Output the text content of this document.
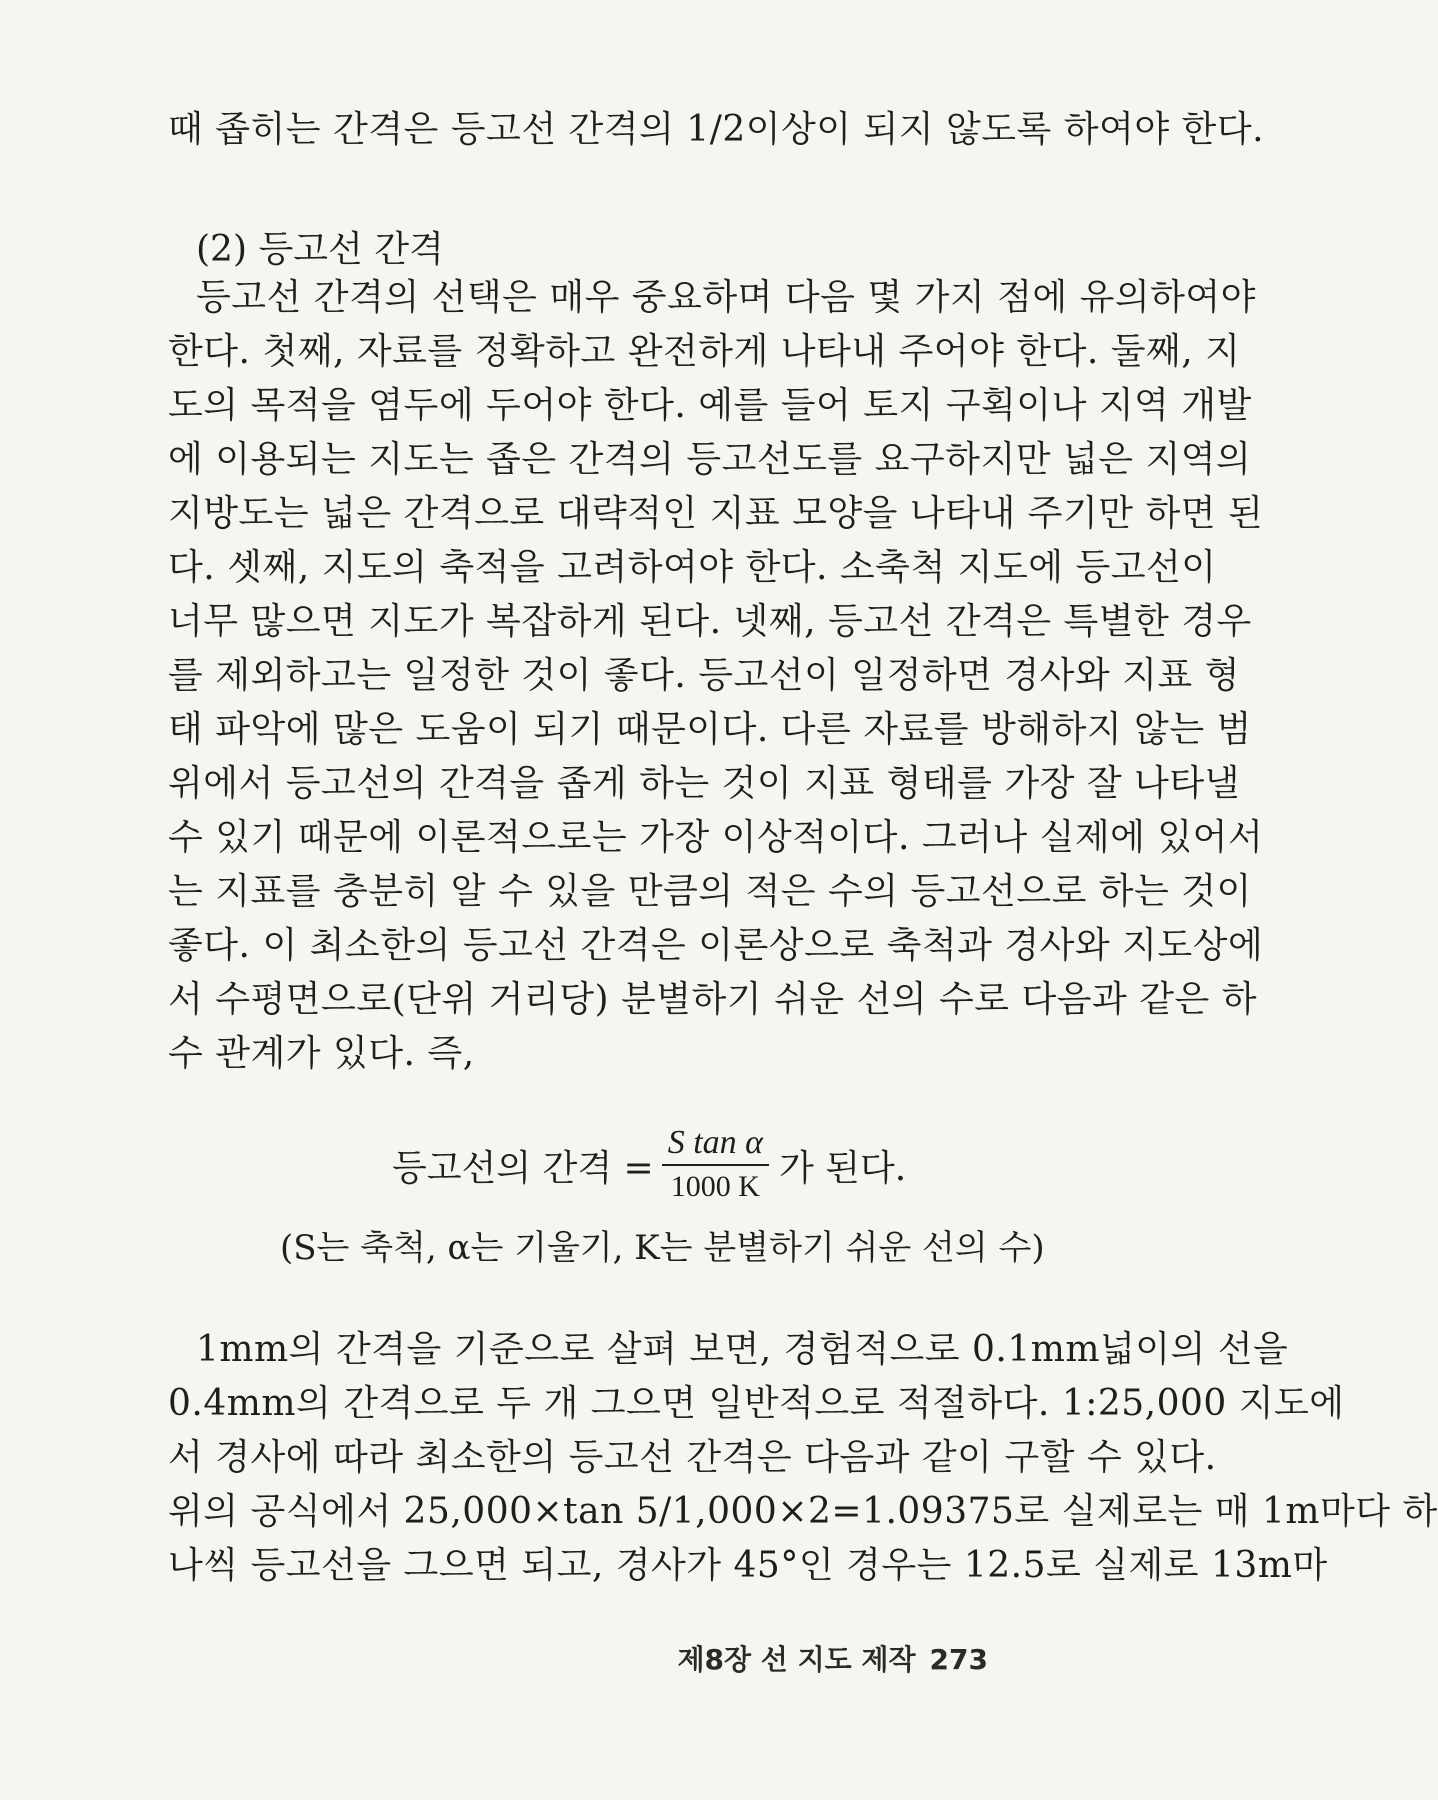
때 좁히는 간격은 등고선 간격의 1/2이상이 되지 않도록 하여야 한다.
(2) 등고선 간격
등고선 간격의 선택은 매우 중요하며 다음 몇 가지 점에 유의하여야
한다. 첫째, 자료를 정확하고 완전하게 나타내 주어야 한다. 둘째, 지
도의 목적을 염두에 두어야 한다. 예를 들어 토지 구획이나 지역 개발
에 이용되는 지도는 좁은 간격의 등고선도를 요구하지만 넓은 지역의
지방도는 넓은 간격으로 대략적인 지표 모양을 나타내 주기만 하면 된
다. 셋째, 지도의 축적을 고려하여야 한다. 소축척 지도에 등고선이
너무 많으면 지도가 복잡하게 된다. 넷째, 등고선 간격은 특별한 경우
를 제외하고는 일정한 것이 좋다. 등고선이 일정하면 경사와 지표 형
태 파악에 많은 도움이 되기 때문이다. 다른 자료를 방해하지 않는 범
위에서 등고선의 간격을 좁게 하는 것이 지표 형태를 가장 잘 나타낼
수 있기 때문에 이론적으로는 가장 이상적이다. 그러나 실제에 있어서
는 지표를 충분히 알 수 있을 만큼의 적은 수의 등고선으로 하는 것이
좋다. 이 최소한의 등고선 간격은 이론상으로 축척과 경사와 지도상에
서 수평면으로(단위 거리당) 분별하기 쉬운 선의 수로 다음과 같은 하
수 관계가 있다. 즉,
등고선의 간격 = $\frac{\text{S tan α}}{1000 K}$ 가 된다.
(S는 축척, α는 기울기, K는 분별하기 쉬운 선의 수)
1mm의 간격을 기준으로 살펴 보면, 경험적으로 0.1mm넓이의 선을
0.4mm의 간격으로 두 개 그으면 일반적으로 적절하다. 1:25,000 지도에
서 경사에 따라 최소한의 등고선 간격은 다음과 같이 구할 수 있다.
위의 공식에서 25,000×tan 5/1,000×2=1.09375로 실제로는 매 1m마다 하
나씩 등고선을 그으면 되고, 경사가 45°인 경우는 12.5로 실제로 13m마
제8장 선 지도 제작 273
